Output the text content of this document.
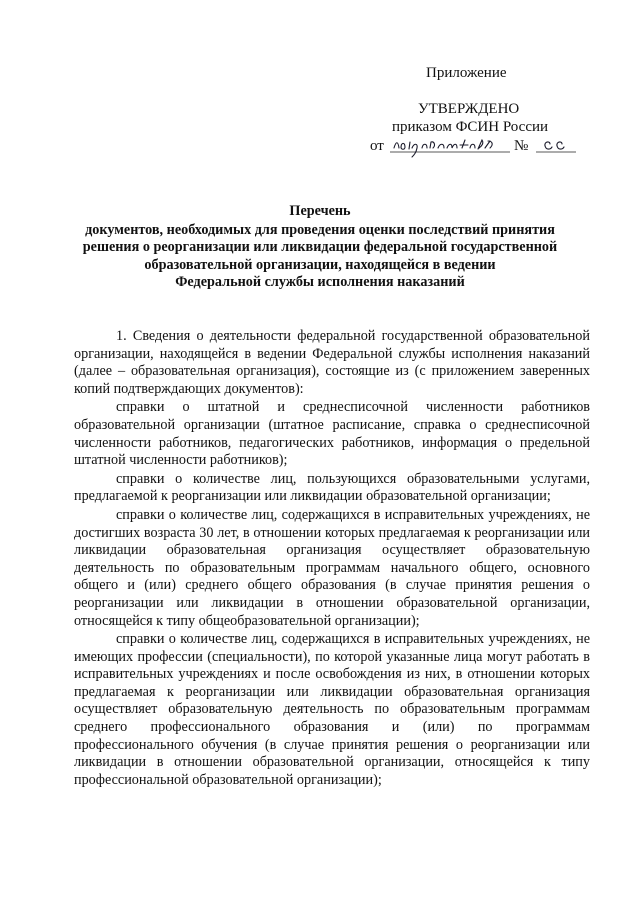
Приложение
УТВЕРЖДЕНО
приказом ФСИН России
от	№
Перечень
документов, необходимых для проведения оценки последствий принятия
решения о реорганизации или ликвидации федеральной государственной
образовательной организации, находящейся в ведении
Федеральной службы исполнения наказаний

1. Сведения о деятельности федеральной государственной образовательной организации, находящейся в ведении Федеральной службы исполнения наказаний (далее – образовательная организация), состоящие из (с приложением заверенных копий подтверждающих документов):

справки о штатной и среднесписочной численности работников образовательной организации (штатное расписание, справка о среднесписочной численности работников, педагогических работников, информация о предельной штатной численности работников);

справки о количестве лиц, пользующихся образовательными услугами, предлагаемой к реорганизации или ликвидации образовательной организации;

справки о количестве лиц, содержащихся в исправительных учреждениях, не достигших возраста 30 лет, в отношении которых предлагаемая к реорганизации или ликвидации образовательная организация осуществляет образовательную деятельность по образовательным программам начального общего, основного общего и (или) среднего общего образования (в случае принятия решения о реорганизации или ликвидации в отношении образовательной организации, относящейся к типу общеобразовательной организации);

справки о количестве лиц, содержащихся в исправительных учреждениях, не имеющих профессии (специальности), по которой указанные лица могут работать в исправительных учреждениях и после освобождения из них, в отношении которых предлагаемая к реорганизации или ликвидации образовательная организация осуществляет образовательную деятельность по образовательным программам среднего профессионального образования и (или) по программам профессионального обучения (в случае принятия решения о реорганизации или ликвидации в отношении образовательной организации, относящейся к типу профессиональной образовательной организации);
